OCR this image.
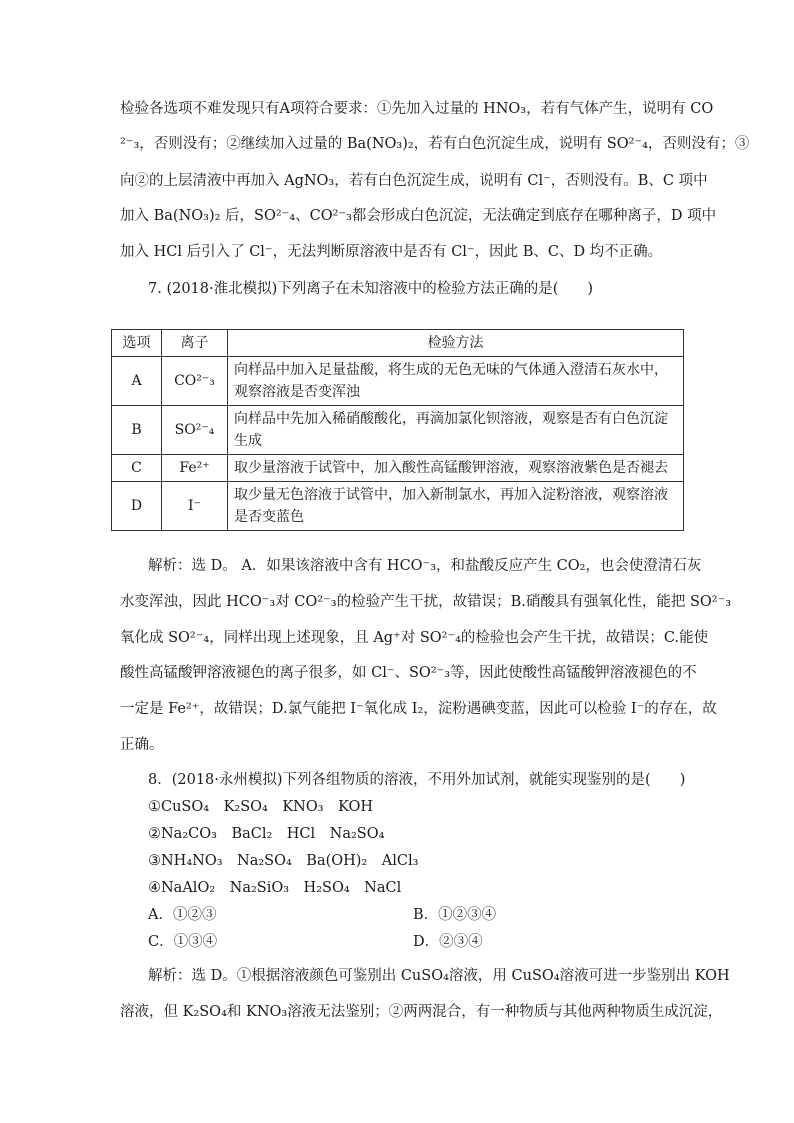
检验各选项不难发现只有A项符合要求：①先加入过量的 HNO₃，若有气体产生，说明有 CO
²⁻₃，否则没有；②继续加入过量的 Ba(NO₃)₂，若有白色沉淀生成，说明有 SO²⁻₄，否则没有；③
向②的上层清液中再加入 AgNO₃，若有白色沉淀生成，说明有 Cl⁻，否则没有。B、C 项中
加入 Ba(NO₃)₂ 后，SO²⁻₄、CO²⁻₃都会形成白色沉淀，无法确定到底存在哪种离子，D 项中
加入 HCl 后引入了 Cl⁻，无法判断原溶液中是否有 Cl⁻，因此 B、C、D 均不正确。
7. (2018·淮北模拟)下列离子在未知溶液中的检验方法正确的是(　　)
选项	离子	检验方法
A	CO²⁻₃	向样品中加入足量盐酸，将生成的无色无味的气体通入澄清石灰水中，
观察溶液是否变浑浊

B	SO²⁻₄	向样品中先加入稀硝酸酸化，再滴加氯化钡溶液，观察是否有白色沉淀
生成

C	Fe²⁺	取少量溶液于试管中，加入酸性高锰酸钾溶液，观察溶液紫色是否褪去

D	I⁻	取少量无色溶液于试管中，加入新制氯水，再加入淀粉溶液，观察溶液
是否变蓝色
解析：选 D。 A．如果该溶液中含有 HCO⁻₃，和盐酸反应产生 CO₂，也会使澄清石灰
水变浑浊，因此 HCO⁻₃对 CO²⁻₃的检验产生干扰，故错误；B.硝酸具有强氧化性，能把 SO²⁻₃
氧化成 SO²⁻₄，同样出现上述现象，且 Ag⁺对 SO²⁻₄的检验也会产生干扰，故错误；C.能使
酸性高锰酸钾溶液褪色的离子很多，如 Cl⁻、SO²⁻₃等，因此使酸性高锰酸钾溶液褪色的不
一定是 Fe²⁺，故错误；D.氯气能把 I⁻氧化成 I₂，淀粉遇碘变蓝，因此可以检验 I⁻的存在，故
正确。
8．(2018·永州模拟)下列各组物质的溶液，不用外加试剂，就能实现鉴别的是(　　)
①CuSO₄　K₂SO₄　KNO₃　KOH
②Na₂CO₃　BaCl₂　HCl　Na₂SO₄
③NH₄NO₃　Na₂SO₄　Ba(OH)₂　AlCl₃
④NaAlO₂　Na₂SiO₃　H₂SO₄　NaCl
A．①②③	B．①②③④
C．①③④	D．②③④
解析：选 D。①根据溶液颜色可鉴别出 CuSO₄溶液，用 CuSO₄溶液可进一步鉴别出 KOH
溶液，但 K₂SO₄和 KNO₃溶液无法鉴别；②两两混合，有一种物质与其他两种物质生成沉淀，
